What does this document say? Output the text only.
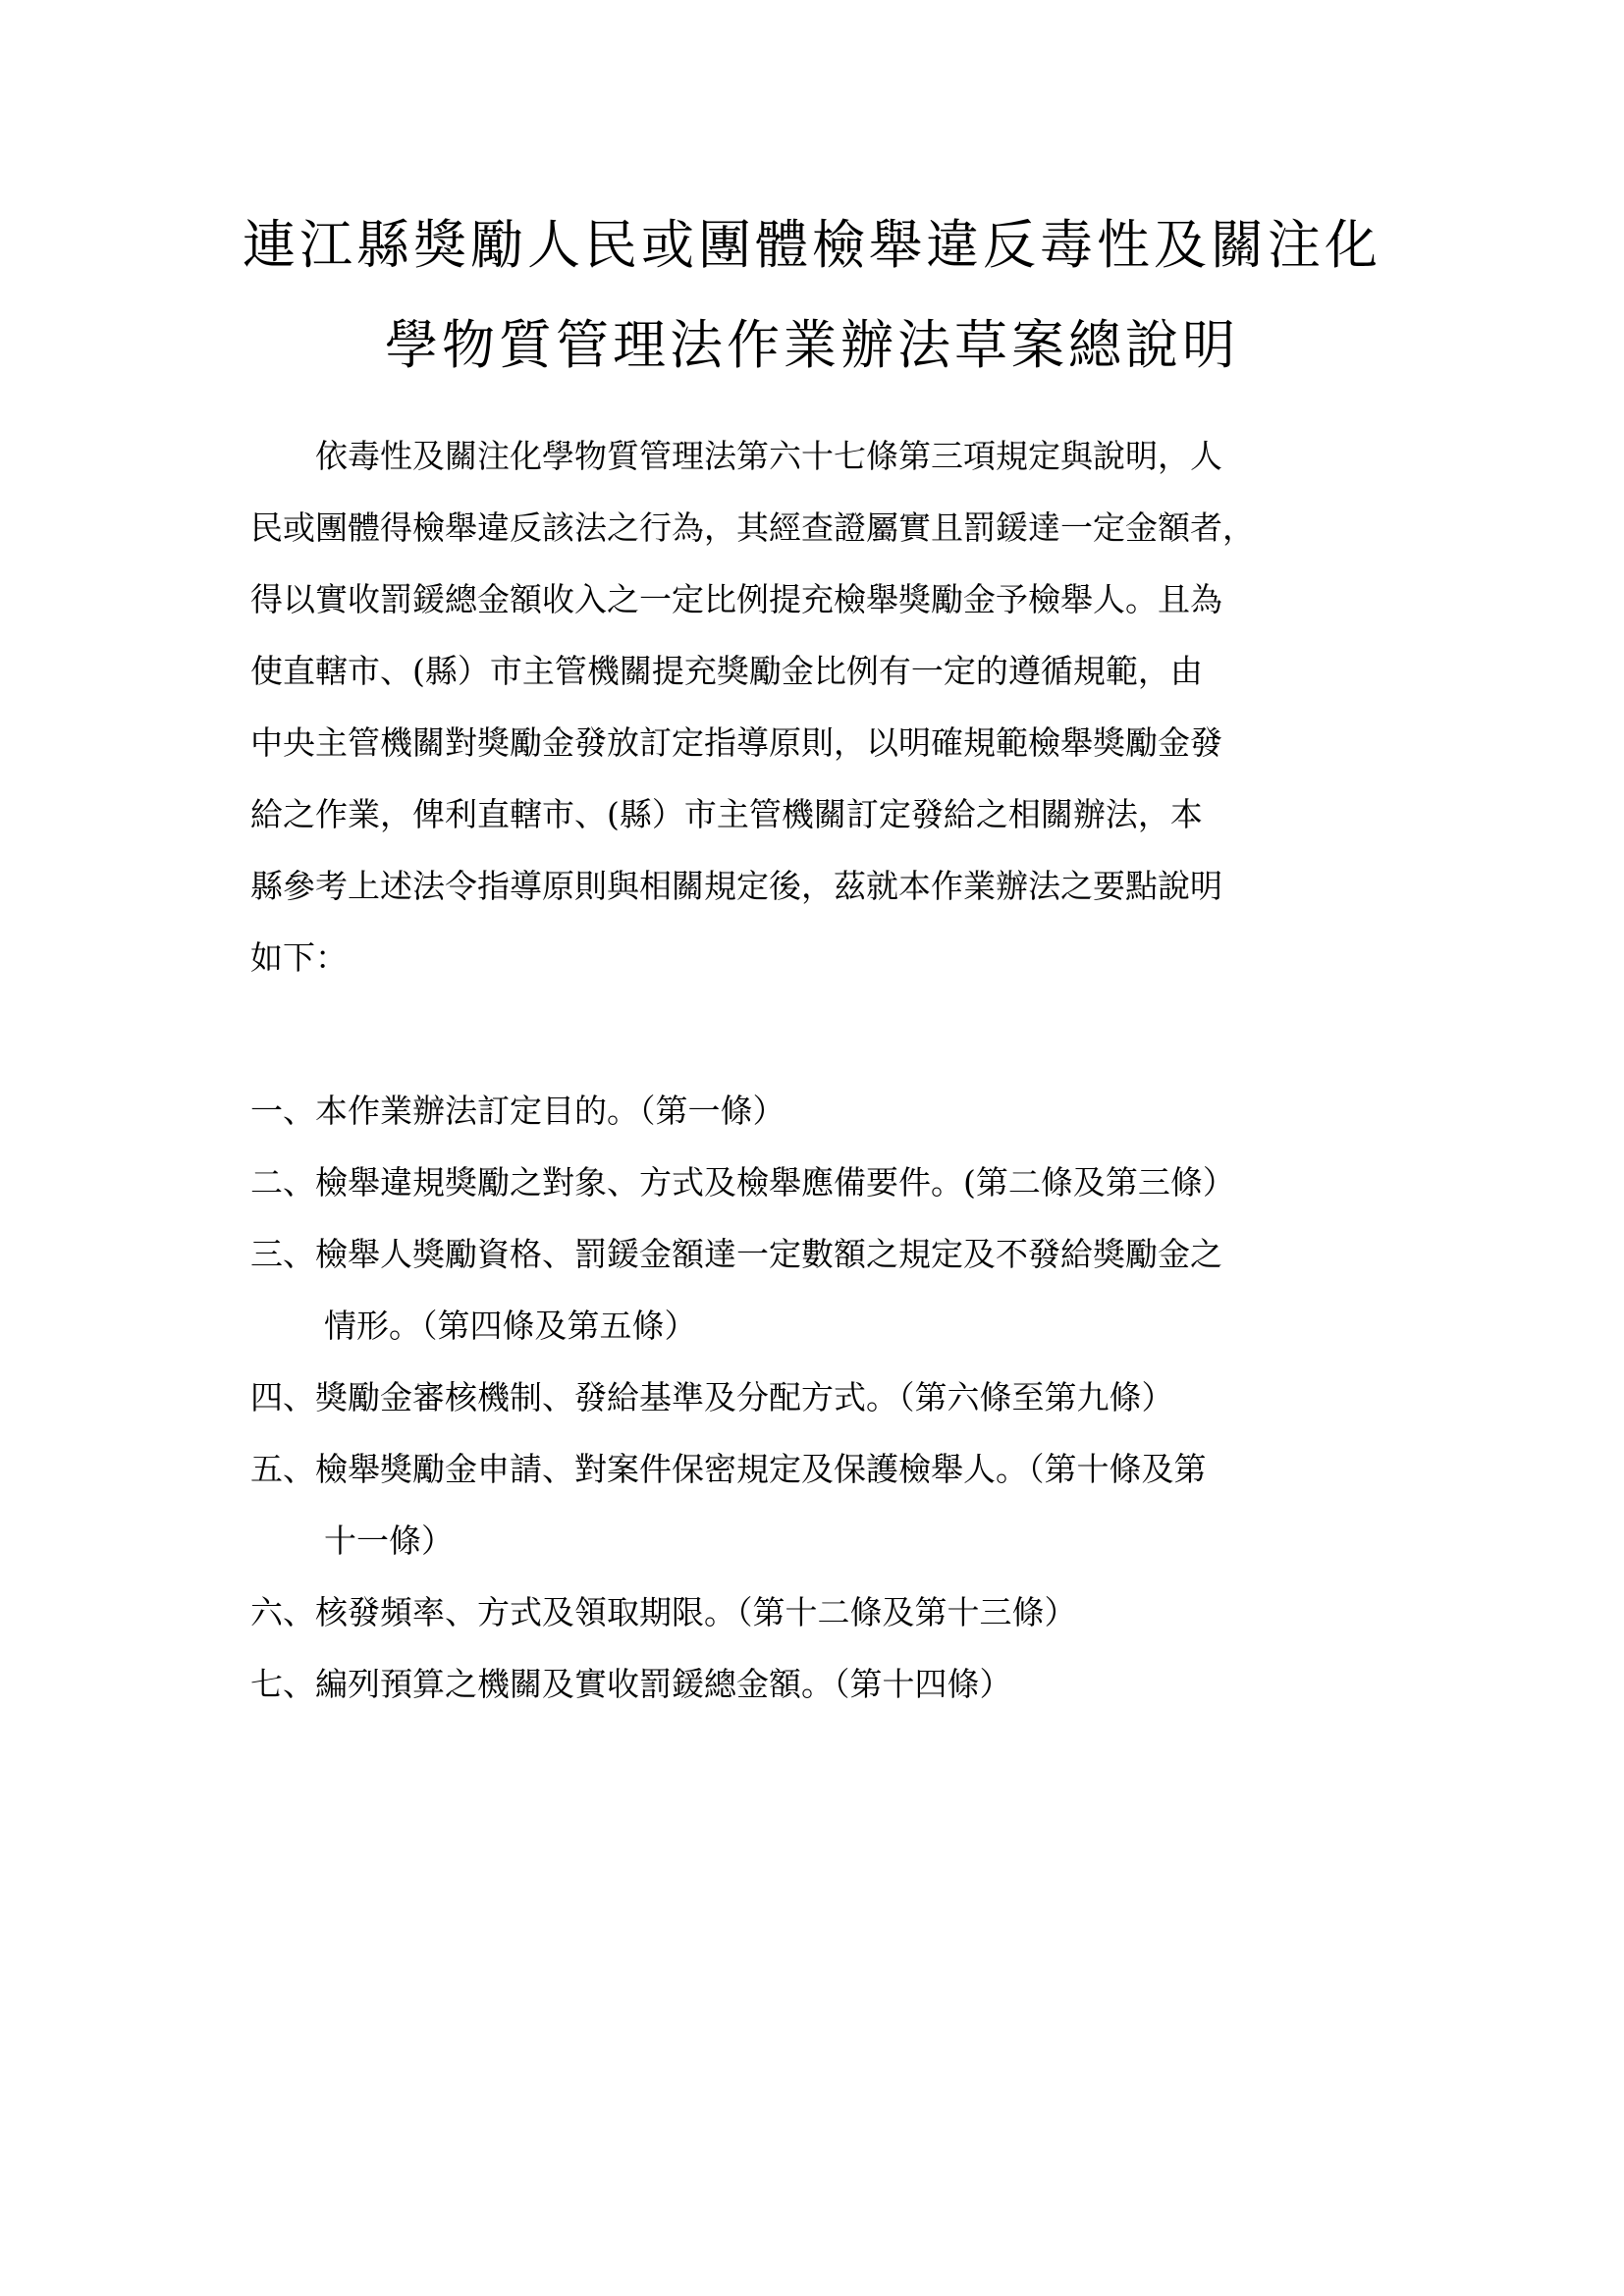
連江縣獎勵人民或團體檢舉違反毒性及關注化
學物質管理法作業辦法草案總說明
依毒性及關注化學物質管理法第六十七條第三項規定與說明，人
民或團體得檢舉違反該法之行為，其經查證屬實且罰鍰達一定金額者，
得以實收罰鍰總金額收入之一定比例提充檢舉獎勵金予檢舉人。且為
使直轄市、(縣）市主管機關提充獎勵金比例有一定的遵循規範，由
中央主管機關對獎勵金發放訂定指導原則，以明確規範檢舉獎勵金發
給之作業，俾利直轄市、(縣）市主管機關訂定發給之相關辦法，本
縣參考上述法令指導原則與相關規定後，茲就本作業辦法之要點說明
如下：
一、本作業辦法訂定目的。（第一條）
二、檢舉違規獎勵之對象、方式及檢舉應備要件。(第二條及第三條）
三、檢舉人獎勵資格、罰鍰金額達一定數額之規定及不發給獎勵金之
情形。（第四條及第五條）
四、獎勵金審核機制、發給基準及分配方式。（第六條至第九條）
五、檢舉獎勵金申請、對案件保密規定及保護檢舉人。（第十條及第
十一條）
六、核發頻率、方式及領取期限。（第十二條及第十三條）
七、編列預算之機關及實收罰鍰總金額。（第十四條）
